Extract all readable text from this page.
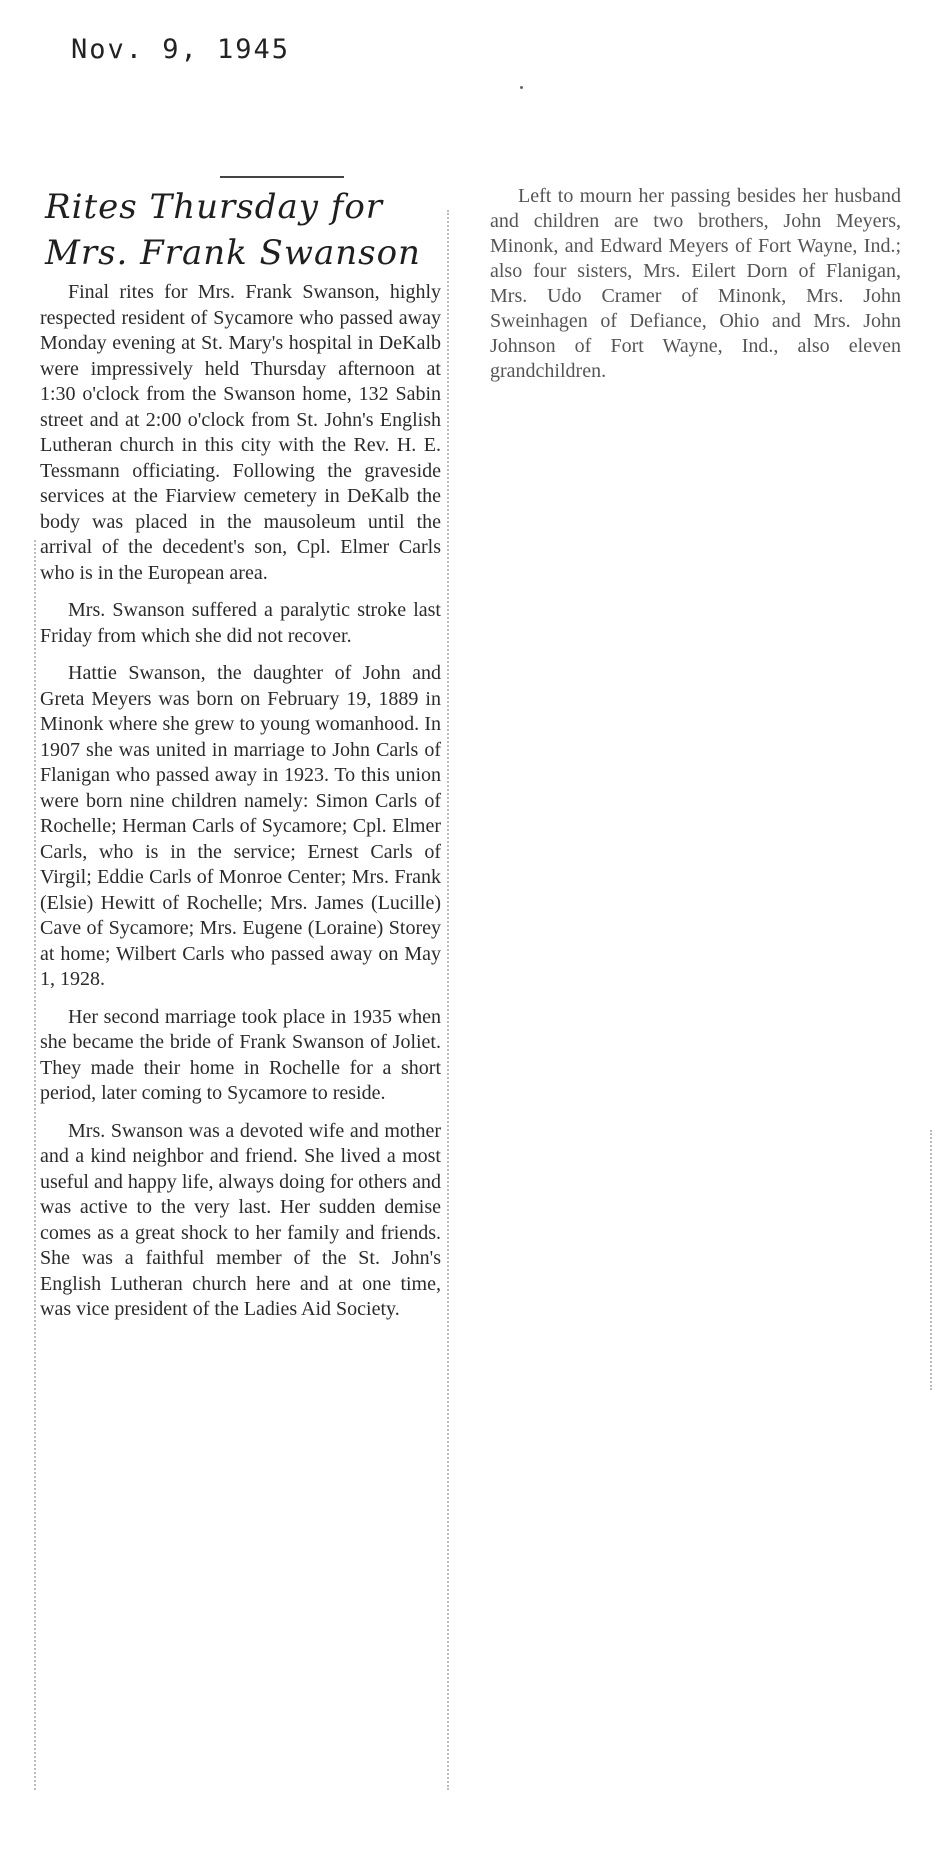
Nov. 9, 1945
Rites Thursday for
Mrs. Frank Swanson

Final rites for Mrs. Frank Swanson, highly respected resident of Sycamore who passed away Monday evening at St. Mary's hospital in DeKalb were impressively held Thursday afternoon at 1:30 o'clock from the Swanson home, 132 Sabin street and at 2:00 o'clock from St. John's English Lutheran church in this city with the Rev. H. E. Tessmann officiating. Following the graveside services at the Fiarview cemetery in DeKalb the body was placed in the mausoleum until the arrival of the decedent's son, Cpl. Elmer Carls who is in the European area.

Mrs. Swanson suffered a paralytic stroke last Friday from which she did not recover.

Hattie Swanson, the daughter of John and Greta Meyers was born on February 19, 1889 in Minonk where she grew to young womanhood. In 1907 she was united in marriage to John Carls of Flanigan who passed away in 1923. To this union were born nine children namely: Simon Carls of Rochelle; Herman Carls of Sycamore; Cpl. Elmer Carls, who is in the service; Ernest Carls of Virgil; Eddie Carls of Monroe Center; Mrs. Frank (Elsie) Hewitt of Rochelle; Mrs. James (Lucille) Cave of Sycamore; Mrs. Eugene (Loraine) Storey at home; Wilbert Carls who passed away on May 1, 1928.

Her second marriage took place in 1935 when she became the bride of Frank Swanson of Joliet. They made their home in Rochelle for a short period, later coming to Sycamore to reside.

Mrs. Swanson was a devoted wife and mother and a kind neighbor and friend. She lived a most useful and happy life, always doing for others and was active to the very last. Her sudden demise comes as a great shock to her family and friends. She was a faithful member of the St. John's English Lutheran church here and at one time, was vice president of the Ladies Aid Society.

Left to mourn her passing besides her husband and children are two brothers, John Meyers, Minonk, and Edward Meyers of Fort Wayne, Ind.; also four sisters, Mrs. Eilert Dorn of Flanigan, Mrs. Udo Cramer of Minonk, Mrs. John Sweinhagen of Defiance, Ohio and Mrs. John Johnson of Fort Wayne, Ind., also eleven grandchildren.
